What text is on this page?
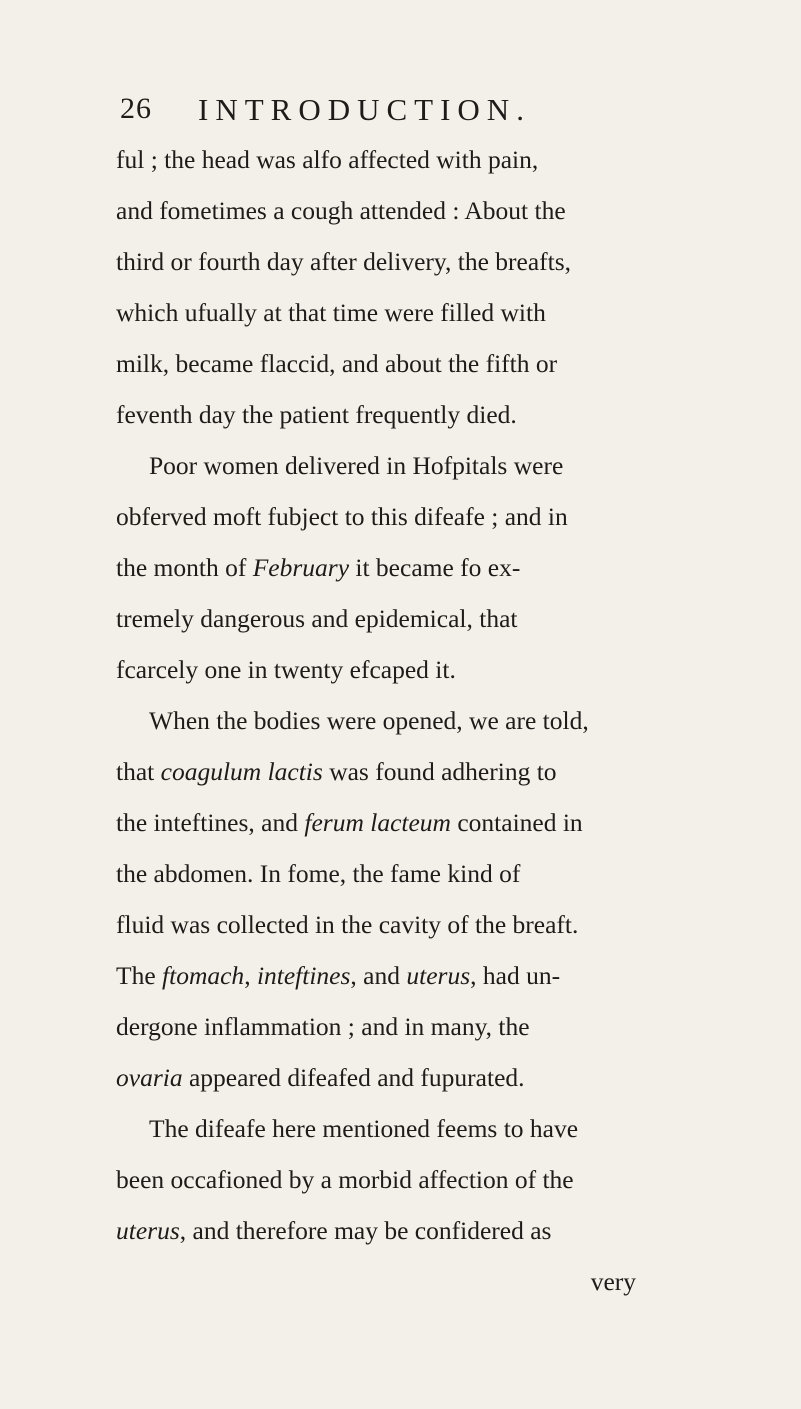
26 INTRODUCTION.
ful ; the head was alfo affected with pain,
and fometimes a cough attended : About the
third or fourth day after delivery, the breafts,
which ufually at that time were filled with
milk, became flaccid, and about the fifth or
feventh day the patient frequently died.
Poor women delivered in Hofpitals were
obferved moft fubject to this difeafe ; and in
the month of February it became fo ex-
tremely dangerous and epidemical, that
fcarcely one in twenty efcaped it.
When the bodies were opened, we are told,
that coagulum lactis was found adhering to
the inteftines, and ferum lacteum contained in
the abdomen. In fome, the fame kind of
fluid was collected in the cavity of the breaft.
The ftomach, inteftines, and uterus, had un-
dergone inflammation ; and in many, the
ovaria appeared difeafed and fupurated.
The difeafe here mentioned feems to have
been occafioned by a morbid affection of the
uterus, and therefore may be confidered as
very
